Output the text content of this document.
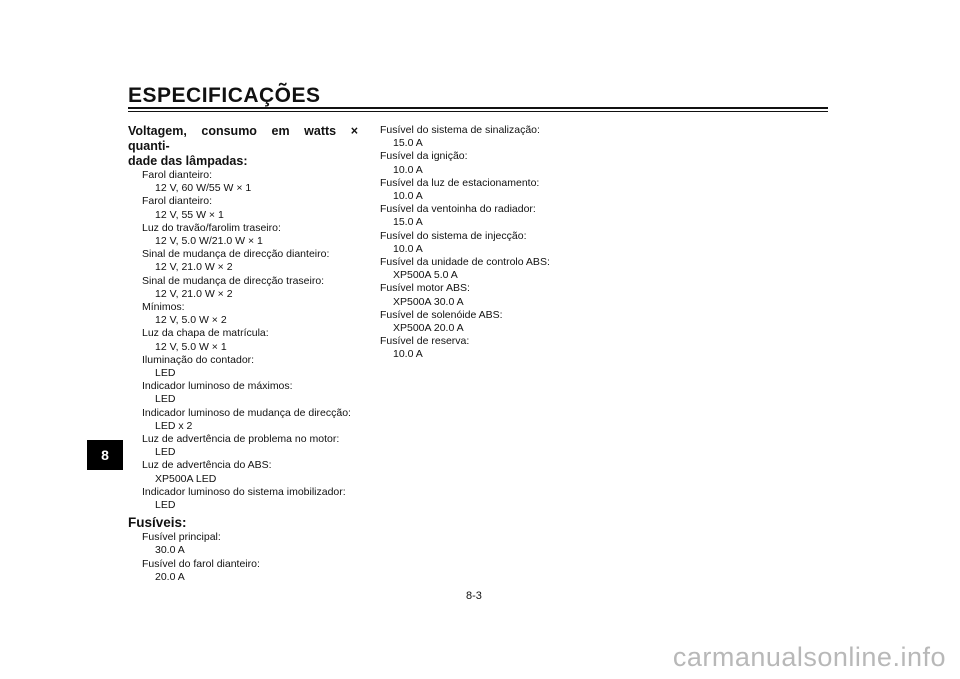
ESPECIFICAÇÕES
8

Voltagem, consumo em watts × quanti-

dade das lâmpadas:

Farol dianteiro:
12 V, 60 W/55 W × 1
Farol dianteiro:
12 V, 55 W × 1
Luz do travão/farolim traseiro:
12 V, 5.0 W/21.0 W × 1
Sinal de mudança de direcção dianteiro:
12 V, 21.0 W × 2
Sinal de mudança de direcção traseiro:
12 V, 21.0 W × 2
Mínimos:
12 V, 5.0 W × 2
Luz da chapa de matrícula:
12 V, 5.0 W × 1
Iluminação do contador:
LED
Indicador luminoso de máximos:
LED
Indicador luminoso de mudança de direcção:
LED x 2
Luz de advertência de problema no motor:
LED
Luz de advertência do ABS:
XP500A LED
Indicador luminoso do sistema imobilizador:
LED

Fusíveis:

Fusível principal:
30.0 A
Fusível do farol dianteiro:
20.0 A
Fusível do sistema de sinalização:
15.0 A
Fusível da ignição:
10.0 A
Fusível da luz de estacionamento:
10.0 A
Fusível da ventoinha do radiador:
15.0 A
Fusível do sistema de injecção:
10.0 A
Fusível da unidade de controlo ABS:
XP500A 5.0 A
Fusível motor ABS:
XP500A 30.0 A
Fusível de solenóide ABS:
XP500A 20.0 A
Fusível de reserva:
10.0 A
8-3
carmanualsonline.info
